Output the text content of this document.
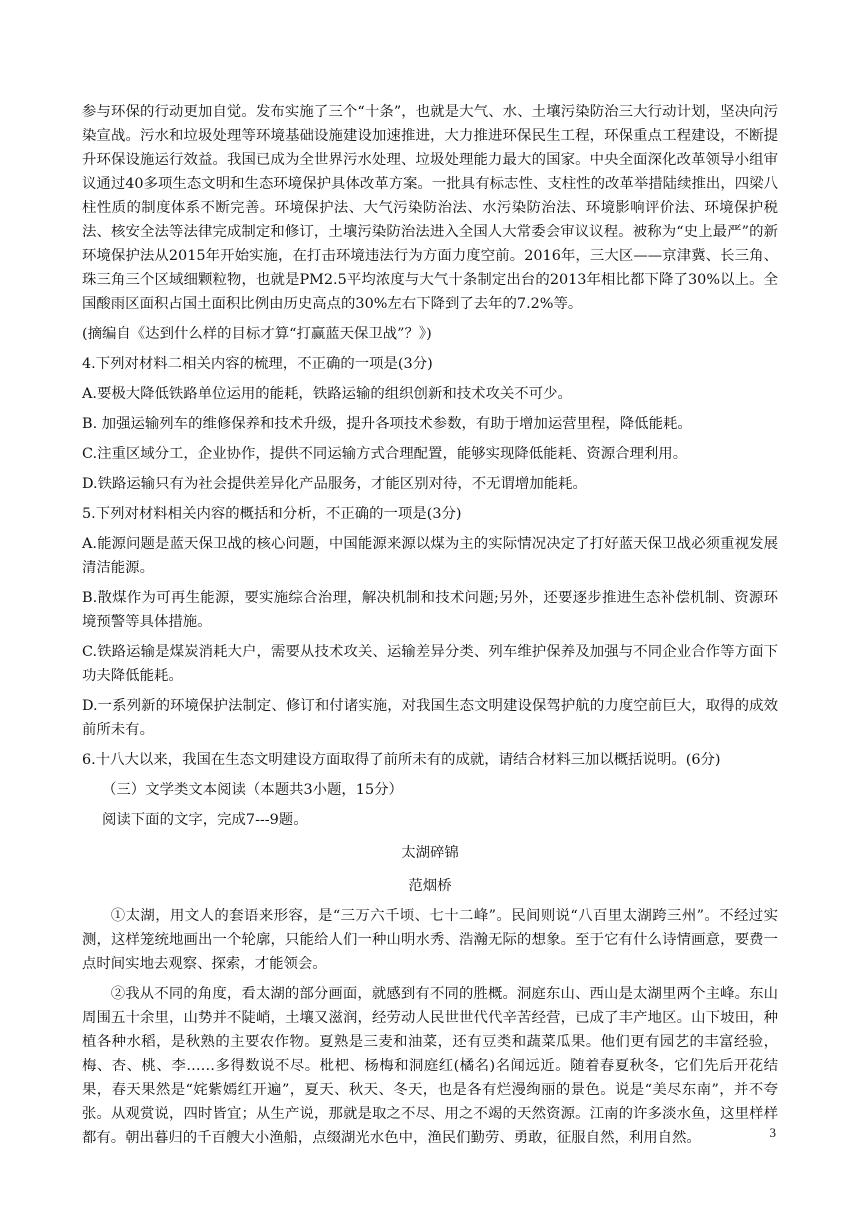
参与环保的行动更加自觉。发布实施了三个“十条”，也就是大气、水、土壤污染防治三大行动计划，坚决向污染宣战。污水和垃圾处理等环境基础设施建设加速推进，大力推进环保民生工程，环保重点工程建设，不断提升环保设施运行效益。我国已成为全世界污水处理、垃圾处理能力最大的国家。中央全面深化改革领导小组审议通过40多项生态文明和生态环境保护具体改革方案。一批具有标志性、支柱性的改革举措陆续推出，四梁八柱性质的制度体系不断完善。环境保护法、大气污染防治法、水污染防治法、环境影响评价法、环境保护税法、核安全法等法律完成制定和修订，土壤污染防治法进入全国人大常委会审议议程。被称为“史上最严”的新环境保护法从2015年开始实施，在打击环境违法行为方面力度空前。2016年，三大区——京津冀、长三角、珠三角三个区域细颗粒物，也就是PM2.5平均浓度与大气十条制定出台的2013年相比都下降了30%以上。全国酸雨区面积占国土面积比例由历史高点的30%左右下降到了去年的7.2%等。

(摘编自《达到什么样的目标才算“打赢蓝天保卫战”？》)

4.下列对材料二相关内容的梳理，不正确的一项是(3分)

A.要极大降低铁路单位运用的能耗，铁路运输的组织创新和技术攻关不可少。

B. 加强运输列车的维修保养和技术升级，提升各项技术参数，有助于增加运营里程，降低能耗。

C.注重区域分工，企业协作，提供不同运输方式合理配置，能够实现降低能耗、资源合理利用。

D.铁路运输只有为社会提供差异化产品服务，才能区别对待，不无谓增加能耗。

5.下列对材料相关内容的概括和分析，不正确的一项是(3分)

A.能源问题是蓝天保卫战的核心问题，中国能源来源以煤为主的实际情况决定了打好蓝天保卫战必须重视发展清洁能源。

B.散煤作为可再生能源，要实施综合治理，解决机制和技术问题;另外，还要逐步推进生态补偿机制、资源环境预警等具体措施。

C.铁路运输是煤炭消耗大户，需要从技术攻关、运输差异分类、列车维护保养及加强与不同企业合作等方面下功夫降低能耗。

D.一系列新的环境保护法制定、修订和付诸实施，对我国生态文明建设保驾护航的力度空前巨大，取得的成效前所未有。

6.十八大以来，我国在生态文明建设方面取得了前所未有的成就，请结合材料三加以概括说明。(6分)

（三）文学类文本阅读（本题共3小题，15分）

阅读下面的文字，完成7---9题。

太湖碎锦

范烟桥

①太湖，用文人的套语来形容，是“三万六千顷、七十二峰”。民间则说“八百里太湖跨三州”。不经过实测，这样笼统地画出一个轮廓，只能给人们一种山明水秀、浩瀚无际的想象。至于它有什么诗情画意，要费一点时间实地去观察、探索，才能领会。

②我从不同的角度，看太湖的部分画面，就感到有不同的胜概。洞庭东山、西山是太湖里两个主峰。东山周围五十余里，山势并不陡峭，土壤又滋润，经劳动人民世世代代辛苦经营，已成了丰产地区。山下坡田，种植各种水稻，是秋熟的主要农作物。夏熟是三麦和油菜，还有豆类和蔬菜瓜果。他们更有园艺的丰富经验，梅、杏、桃、李……多得数说不尽。枇杷、杨梅和洞庭红(橘名)名闻远近。随着春夏秋冬，它们先后开花结果，春天果然是“姹紫嫣红开遍”，夏天、秋天、冬天，也是各有烂漫绚丽的景色。说是“美尽东南”，并不夸张。从观赏说，四时皆宜；从生产说，那就是取之不尽、用之不竭的天然资源。江南的许多淡水鱼，这里样样都有。朝出暮归的千百艘大小渔船，点缀湖光水色中，渔民们勤劳、勇敢，征服自然，利用自然。	3
